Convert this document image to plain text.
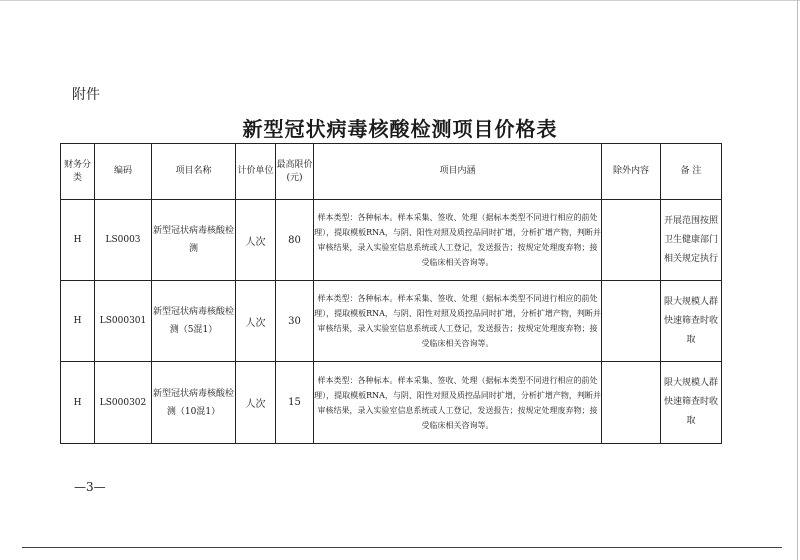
附件
新型冠状病毒核酸检测项目价格表
财务分类	编码	项目名称	计价单位	最高限价(元)	项目内涵	除外内容	备 注
H	LS0003	新型冠状病毒核酸检测	人次	80	样本类型：各种标本。样本采集、签收、处理（据标本类型不同进行相应的前处理），提取模板RNA，与阴、阳性对照及质控品同时扩增，分析扩增产物，判断并审核结果，录入实验室信息系统或人工登记，发送报告；按规定处理废弃物；接受临床相关咨询等。		开展范围按照卫生健康部门相关规定执行
H	LS000301	新型冠状病毒核酸检测（5混1）	人次	30	样本类型：各种标本。样本采集、签收、处理（据标本类型不同进行相应的前处理），提取模板RNA，与阴、阳性对照及质控品同时扩增，分析扩增产物，判断并审核结果，录入实验室信息系统或人工登记，发送报告；按规定处理废弃物；接受临床相关咨询等。		限大规模人群快速筛查时收取
H	LS000302	新型冠状病毒核酸检测（10混1）	人次	15	样本类型：各种标本。样本采集、签收、处理（据标本类型不同进行相应的前处理），提取模板RNA，与阴、阳性对照及质控品同时扩增，分析扩增产物，判断并审核结果，录入实验室信息系统或人工登记，发送报告；按规定处理废弃物；接受临床相关咨询等。		限大规模人群快速筛查时收取
—3—
